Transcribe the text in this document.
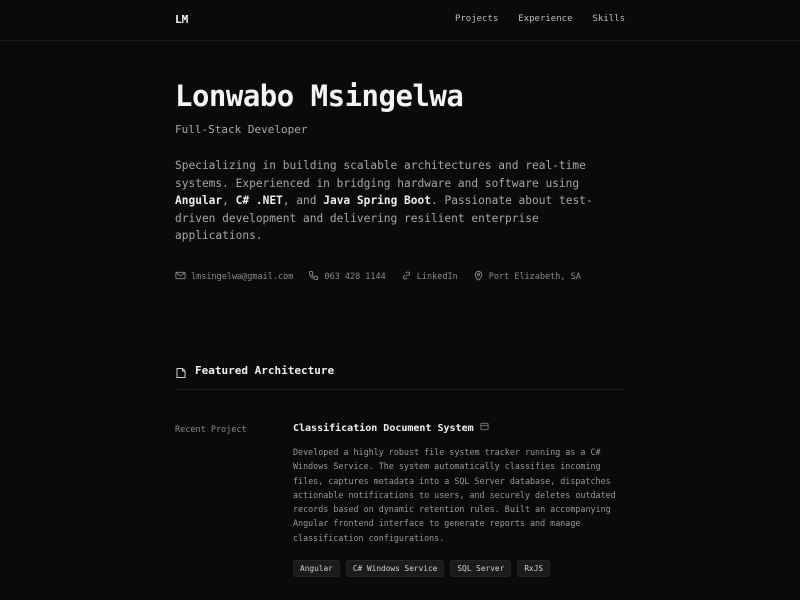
LM	Projects Experience Skills
Lonwabo Msingelwa
Full-Stack Developer
Specializing in building scalable architectures and real-time systems. Experienced in bridging hardware and software using Angular, C# .NET, and Java Spring Boot. Passionate about test-driven development and delivering resilient enterprise applications.
lmsingelwa@gmail.com	063 428 1144	LinkedIn	Port Elizabeth, SA
Featured Architecture
Recent Project	Classification Document System
Developed a highly robust file system tracker running as a C# Windows Service. The system automatically classifies incoming files, captures metadata into a SQL Server database, dispatches actionable notifications to users, and securely deletes outdated records based on dynamic retention rules. Built an accompanying Angular frontend interface to generate reports and manage classification configurations.
Angular	C# Windows Service	SQL Server	RxJS
